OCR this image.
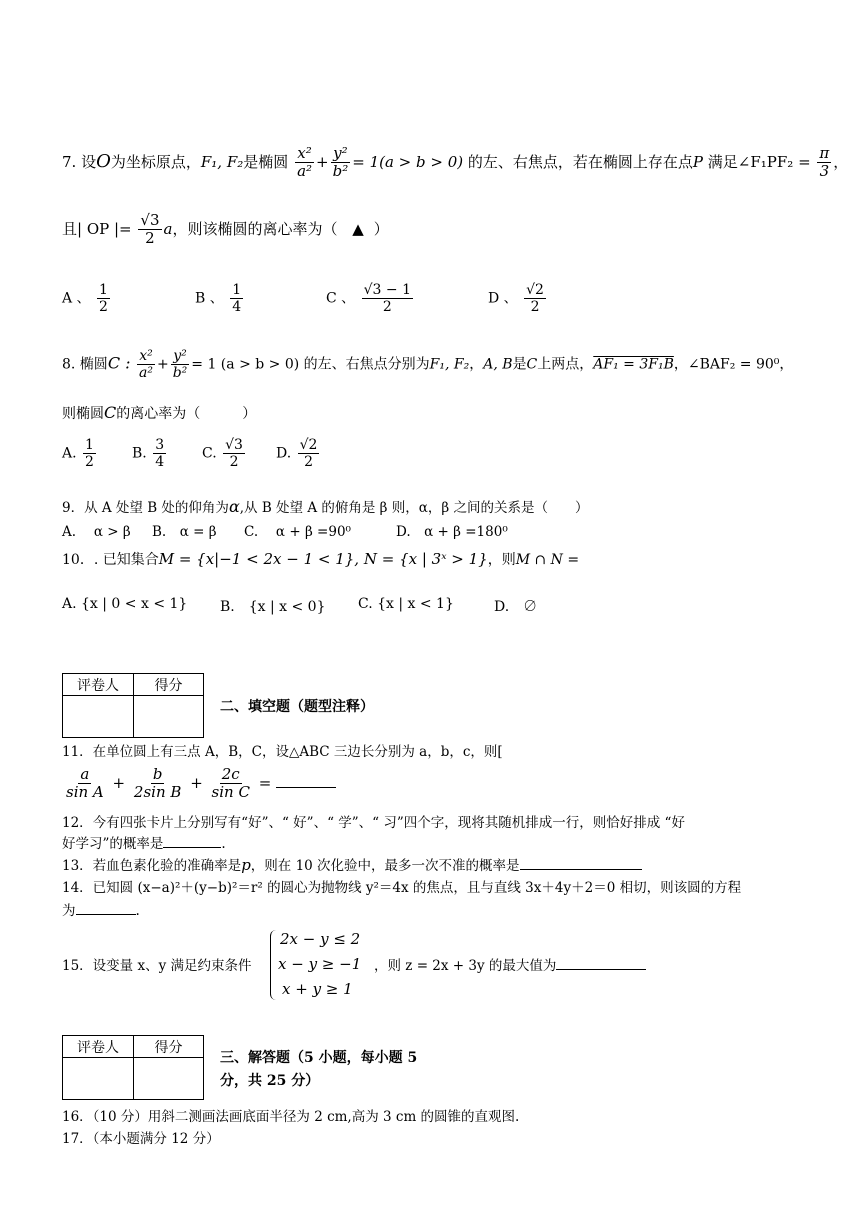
7. 设O为坐标原点，F₁, F₂是椭圆 $\frac{\text{x²}}{\text{a²}} + \frac{\text{y²}}{\text{b²}} = 1(a > b > 0)$ 的左、右焦点，若在椭圆上存在点P 满足∠F₁PF₂ = $\frac{\pi}{3}$ ，
且| OP |= $\frac{√3}{2}$ a，则该椭圆的离心率为（ ▲ ）
A 、 $\frac{1}{2}$	B 、 $\frac{1}{4}$	C 、 $\frac{√3 - 1}{2}$	D 、 $\frac{√2}{2}$
8. 椭圆C : $\frac{\text{x²}}{\text{a²}} + \frac{\text{y²}}{\text{b²}} = 1$ (a > b > 0) 的左、右焦点分别为F₁, F₂，A, B是C上两点，AF₁ = 3F₁B，∠BAF₂ = 90⁰，
则椭圆C的离心率为（　　　）
A. $\frac{1}{2}$	B. $\frac{3}{4}$	C. $\frac{√3}{2} D$. $\frac{√2}{2}$
9．从 A 处望 B 处的仰角为α,从 B 处望 A 的俯角是 β 则，α，β 之间的关系是（　　）
A.　 α > β B.　α = β C.　 α + β =90⁰	D.　α + β =180⁰
10．. 已知集合M = {x|−1 < 2x − 1 < 1}, N = {x | 3ˣ > 1}，则M ∩ N =
A. {x | 0 < x < 1} B.　{x | x < 0} C. {x | x < 1}	D.　∅
评卷人	得分

二、填空题（题型注释）
11．在单位圆上有三点 A，B，C，设△ABC 三边长分别为 a，b，c，则[
$\frac{a}{\text{sin A}} + \frac{b}{\text{2sin B}} + \frac{2c}{\text{sin C}}$ =
12．今有四张卡片上分别写有“好”、“ 好”、“ 学”、“ 习”四个字，现将其随机排成一行，则恰好排成 “好
好学习”的概率是	.
13．若血色素化验的准确率是p，则在 10 次化验中，最多一次不准的概率是
14．已知圆 (x−a)²＋(y−b)²＝r² 的圆心为抛物线 y²＝4x 的焦点，且与直线 3x＋4y＋2＝0 相切，则该圆的方程
为	.
15．设变量 x、y 满足约束条件
2x − y ≤ 2
x − y ≥ −1
x + y ≥ 1
，则 z = 2x + 3y 的最大值为
评卷人	得分

三、解答题（5 小题，每小题 5
分，共 25 分）
16．（10 分）用斜二测画法画底面半径为 2 cm,高为 3 cm 的圆锥的直观图.
17．（本小题满分 12 分）
